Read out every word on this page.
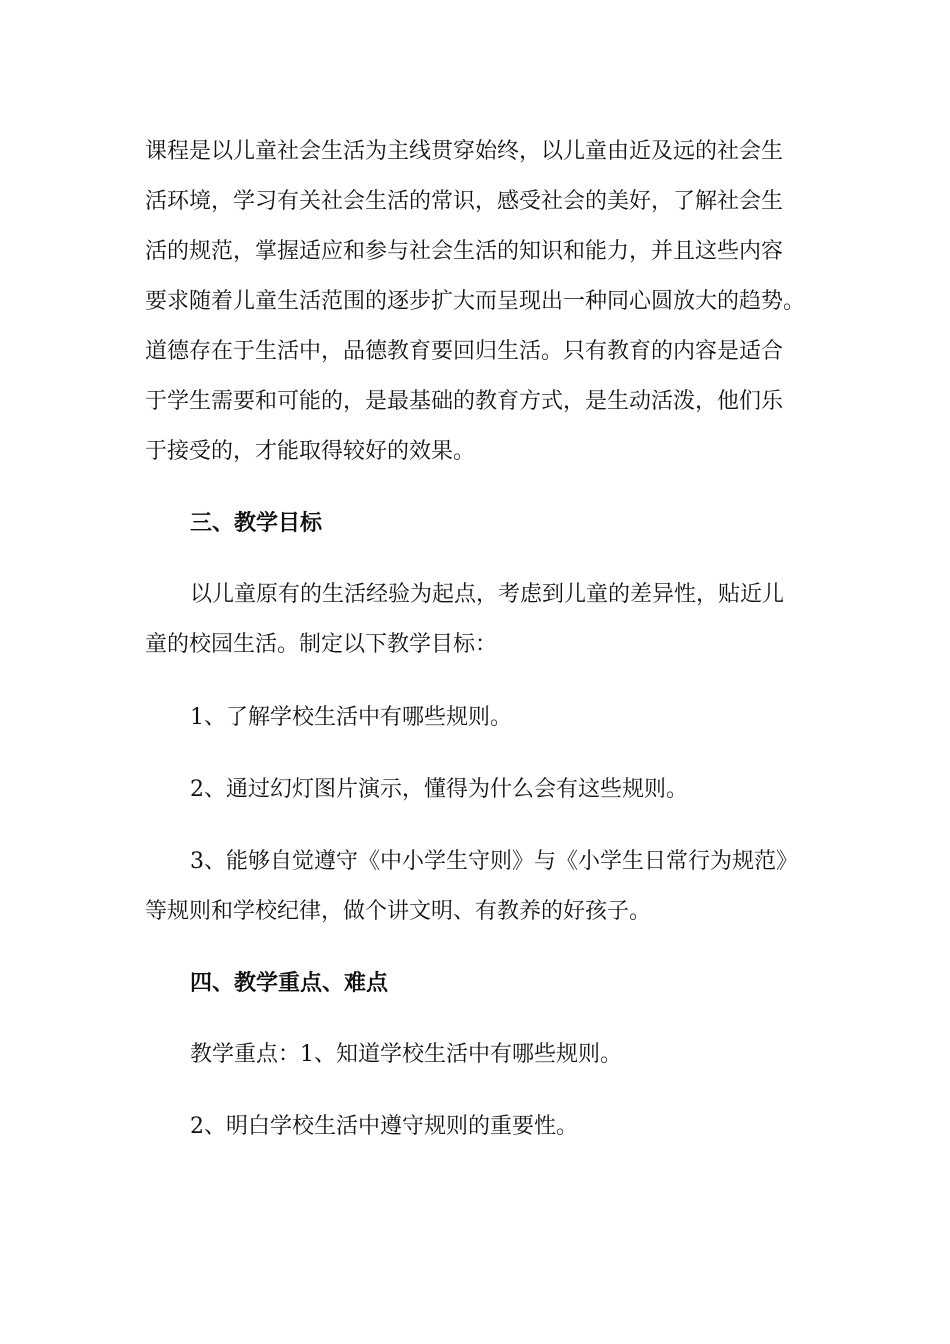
课程是以儿童社会生活为主线贯穿始终，以儿童由近及远的社会生
活环境，学习有关社会生活的常识，感受社会的美好，了解社会生
活的规范，掌握适应和参与社会生活的知识和能力，并且这些内容
要求随着儿童生活范围的逐步扩大而呈现出一种同心圆放大的趋势。
道德存在于生活中，品德教育要回归生活。只有教育的内容是适合
于学生需要和可能的，是最基础的教育方式，是生动活泼，他们乐
于接受的，才能取得较好的效果。
三、教学目标
以儿童原有的生活经验为起点，考虑到儿童的差异性，贴近儿
童的校园生活。制定以下教学目标：
1、了解学校生活中有哪些规则。
2、通过幻灯图片演示，懂得为什么会有这些规则。
3、能够自觉遵守《中小学生守则》与《小学生日常行为规范》
等规则和学校纪律，做个讲文明、有教养的好孩子。
四、教学重点、难点
教学重点：1、知道学校生活中有哪些规则。
2、明白学校生活中遵守规则的重要性。
